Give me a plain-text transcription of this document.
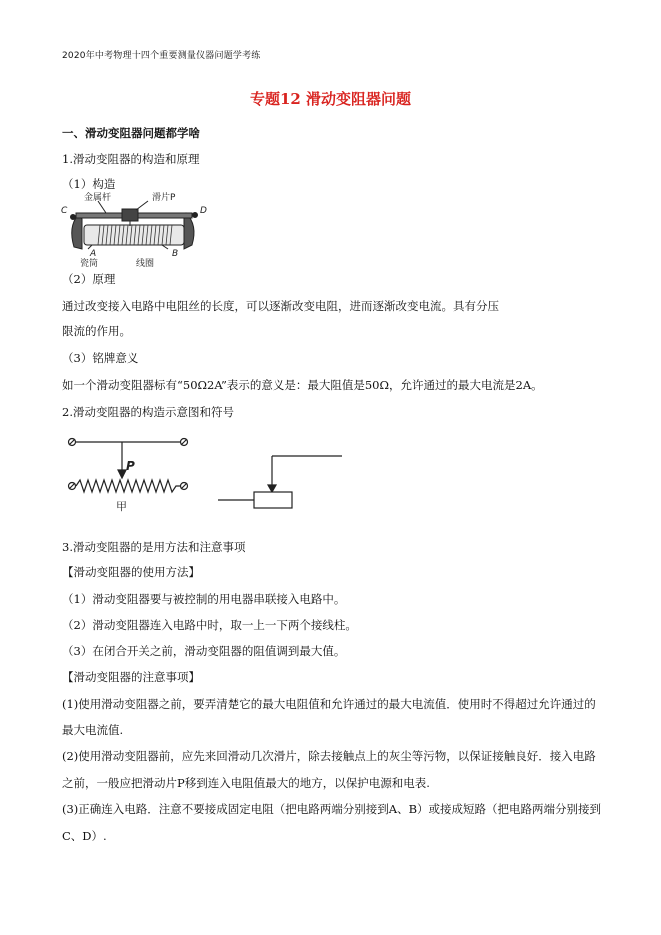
2020年中考物理十四个重要测量仪器问题学考练
专题12 滑动变阻器问题
一、滑动变阻器问题都学啥
1.滑动变阻器的构造和原理
（1）构造
金属杆	滑片P
C	D
A	B
瓷筒	线圈
（2）原理
通过改变接入电路中电阻丝的长度，可以逐渐改变电阻，进而逐渐改变电流。具有分压
限流的作用。
（3）铭牌意义
如一个滑动变阻器标有“50Ω2A”表示的意义是：最大阻值是50Ω，允许通过的最大电流是2A。
2.滑动变阻器的构造示意图和符号
P
甲
3.滑动变阻器的是用方法和注意事项
【滑动变阻器的使用方法】
（1）滑动变阻器要与被控制的用电器串联接入电路中。
（2）滑动变阻器连入电路中时，取一上一下两个接线柱。
（3）在闭合开关之前，滑动变阻器的阻值调到最大值。
【滑动变阻器的注意事项】
(1)使用滑动变阻器之前，要弄清楚它的最大电阻值和允许通过的最大电流值．使用时不得超过允许通过的
最大电流值.
(2)使用滑动变阻器前，应先来回滑动几次滑片，除去接触点上的灰尘等污物，以保证接触良好．接入电路
之前，一般应把滑动片P移到连入电阻值最大的地方，以保护电源和电表.
(3)正确连入电路．注意不要接成固定电阻（把电路两端分别接到A、B）或接成短路（把电路两端分别接到
C、D）.
